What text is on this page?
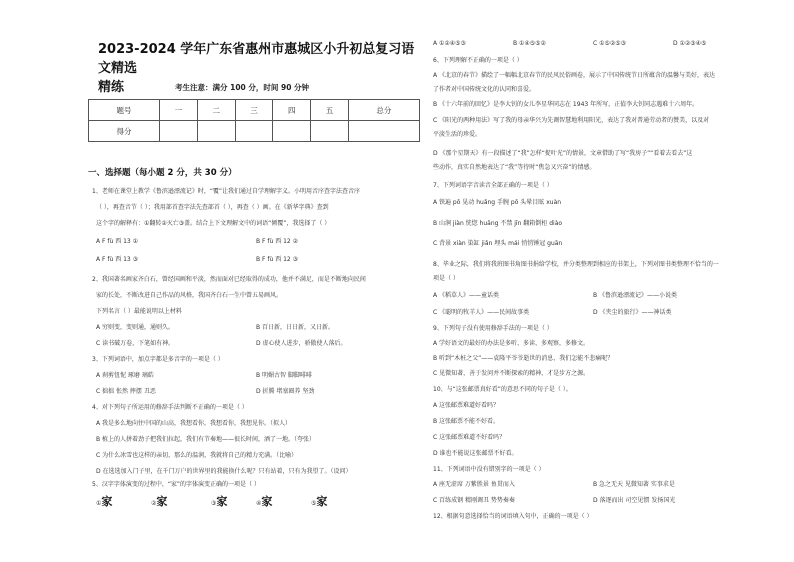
2023-2024 学年广东省惠州市惠城区小升初总复习语文精选
精练	考生注意：满分 100 分，时间 90 分钟
题号	一	二	三	四	五	总分
得分						
一、选择题（每小题 2 分，共 30 分）
1、老师在课堂上教学《鲁滨逊漂流记》时，“覆”让我们通过自学理解字义。小明用音序查字法查音序
（ ），再查音节（ ）；我用部首查字法先查部首（ ），再查（ ）画。在《新华字典》查到
这个字的解释有：①翻转②灭亡③盖。结合上下文理解文中的词语“倾覆”，我选择了（ ）
A F fù 西 13 ①	B F fù 西 12 ②
A F fù 西 13 ③	B F fù 西 12 ③
2、我国著名画家齐白石，曾经国画和平淡，然而面对已经取得的成功，他并不满足，而是不断地向民间
家的长处，不断改进自己作品的风格，我国齐白石一生中曾五易画风。
下列名言（ ）最能说明以上材料
A 穷则变，变则通，通则久。	B 百日新，日日新，又日新。
C 读书破万卷，下笔如有神。	D 虚心使人进步，骄傲使人落后。
3、下列词语中，加点字都是多音字的一项是（ ）
A 刹剪忸怩 琢磨 璃皓	B 明媚古智 脚脚啡啡
C 拙拙 怅然 摔摆 丑恶	D 折腾 堵塞圈养 坚劲
4、对下列句子所运用的修辞手法判断不正确的一项是（ ）
A 我是多么地向往中国的山高，我想看你，我想看你，我想见你。（拟人）
B 植上的人拼着劲子把我们拉起，我们有节奏地——很长时间，酒了一地。（夸张）
C 为什么冰雪也这样的亲切，那么的温润，我就将自己的精力充满。（比喻）
D 在选选加入门子里，在千门万户的世界里的我能换什么呢？只有站着，只有为我望了。（设问）
5、汉字字体演变的过程中，“家”的字体演变正确的一项是（ ）
①家	②家	③家	④家	⑤家
A ①②④⑤③	B ①④⑤⑤②	C ①⑤②⑤③	D ①②③④⑤
6、下列理解不正确的一项是（ ）
A 《北京的春节》描绘了一幅幅北京春节的民风民俗画卷，展示了中国传统节日所蕴含的温馨与美好，表达
了作者对中国传统文化的认同和喜爱。
B 《十六年前的回忆》是李大钊的女儿李星华同志在 1943 年所写，正值李大钊同志遇难十六周年。
C 《阳光的两种用法》写了我的母亲华兴为先调智慧地利用阳光，表达了我对普通劳动者的赞美，以及对
平淡生活的珍爱。
D 《那个星期天》有一段描述了“我”怎样“捉叶光”的情景，文章借助了写“我房子”“看着去看去”这
些动作，真实自然地表达了“我”等待时“焦急又兴奋”的情感。
7、下列词语字音读音全部正确的一项是（ ）
A 铁遍 pō 晃动 huǎng 手腕 pō 头晕目眩 xuàn
B 山涧 jiàn 恍惚 huāng 不禁 jīn 翻箱倒柜 diào
C 背景 xiàn 染缸 jiǎn 埋头 mái 悄悄锤冠 guān
8、毕业之际，我们将我班图书角图书捐给学校，并分类整理到相应的书架上，下列对图书类整理不恰当的一
项是（ ）
A 《稻草人》——童话类	B 《鲁滨逊漂流记》——小说类
C 《聪明的牧羊人》——民间故事类	D 《夹尘的旅行》——神话类
9、下列句子没有使用修辞手法的一项是（ ）
A 学好语文的最好的办法是多听、多读、多观察，多修文。
B 听到“木桩之父”——袁隆平爷爷逝世的消息，我们怎能不悲痛呢？
C 见微知著，善于发问并不断探索的精神，才是步方之源。
10、与“这张邮票真好看”的意思不同的句子是（ ）。
A 这张邮票难道好看吗？
B 这张邮票不能不好看。
C 这张邮票难道不好看吗？
D 谁也不能说这张邮票不好看。
11、下列词语中没有错别字的一项是（ ）
A 座无虚席 万紫胜景 鱼贯而入	B 急之无天 见微知著 实事求是
C 百练成钢 精刚调丑 势势奏奏	D 落逐而出 司空见惯 发扬国光
12、根据句意选择恰当的词语填入句中，正确的一项是（ ）
